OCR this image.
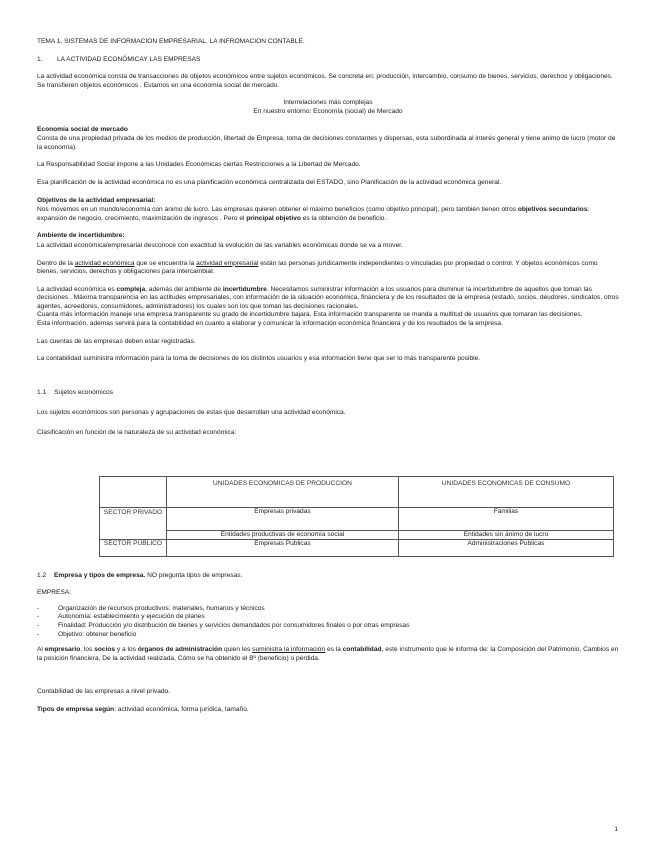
TEMA 1. SISTEMAS DE INFORMACION EMPRESARIAL. LA INFROMACION CONTABLE.

1. LA ACTIVIDAD ECONÓMICAY LAS EMPRESAS

La actividad económica consta de transacciones de objetos económicos entre sujetos económicos. Se concreta en: producción, intercambio, consumo de bienes, servicios, derechos y obligaciones.

Se transfieren objetos económicos . Estamos en una economía social de mercado.

Interrelaciones más complejas

En nuestro entorno: Economía (social) de Mercado

Economía social de mercado

Consta de una propiedad privada de los medios de producción, libertad de Empresa, toma de decisiones constantes y dispersas, esta subordinada al interés general y tiene animo de lucro (motor de la economía).

La Responsabilidad Social impone a las Unidades Económicas ciertas Restricciones a la Libertad de Mercado.

Esa planificación de la actividad económica no es una planificación económica centralizada del ESTADO, sino Planificación de la actividad económica general.

Objetivos de la actividad empresarial:

Nos movemos en un mundo/economía con ánimo de lucro. Las empresas quieren obtener el máximo beneficios (como objetivo principal), pero también tienen otros objetivos secundarios: expansión de negocio, crecimiento, maximización de ingresos . Pero el principal objetivo es la obtención de beneficio.

Ambiente de incertidumbre:

La actividad económica/empresarial desconoce con exactitud la evolución de las variables económicas donde se va a mover.

Dentro de la actividad económica que se encuentra la actividad empresarial están las personas jurídicamente independientes o vinculadas por propiedad o control. Y objetos económicos como bienes, servicios, derechos y obligaciones para intercambiar.

La actividad económica es compleja, además del ambiente de incertidumbre. Necesitamos suministrar información a los usuarios para disminuir la incertidumbre de aquellos que toman las decisiones . Máxima transparencia en las actitudes empresariales, con información de la situación económica, financiera y de los resultados de la empresa (estado, socios, deudores, sindicatos, otros agentes, acreedores, consumidores, administradores) los cuales son los que toman las decisiones racionales.

Cuanta más información maneje una empresa transparente su grado de incertidumbre bajara. Esta información transparente se manda a multitud de usuarios que tomaran las decisiones.

Esta información, ademas servirá para la contabilidad en cuanto a elaborar y comunicar la información económica financiera y de los resultados de la empresa.

Las cuentas de las empresas deben estar registradas.

La contabilidad suministra información para la toma de decisiones de los distintos usuarios y esa información tiene que ser lo más transparente posible.

1.1 Sujetos económicos

Los sujetos económicos son personas y agrupaciones de estas que desarrollan una actividad económica.

Clasificación en función de la naturaleza de su actividad económica:

	UNIDADES ECONOMICAS DE PRODUCCION	UNIDADES ECONOMICAS DE CONSUMO
SECTOR PRIVADO	Empresas privadas	Familias
	Entidades productivas de economía social	Entidades sin ánimo de lucro
SECTOR PUBLICO	Empresas Publicas	Administraciones Publicas

1.2 Empresa y tipos de empresa. NO pregunta tipos de empresas.

EMPRESA:

- Organización de recursos productivos: materiales, humanos y técnicos
- Autonomía: establecimiento y ejecución de planes
- Finalidad: Producción y/o distribución de bienes y servicios demandados por consumidores finales o por otras empresas
- Objetivo: obtener beneficio

Al empresario, los socios y a los órganos de administración quien les suministra la información es la contabilidad, este instrumento que le informa de: la Composición del Patrimonio, Cambios en la posición financiera, De la actividad realizada, Cómo se ha obtenido el Bº (beneficio) o pérdida.

Contabilidad de las empresas a nivel privado.

Tipos de empresa según: actividad económica, forma jurídica, tamaño.

1
